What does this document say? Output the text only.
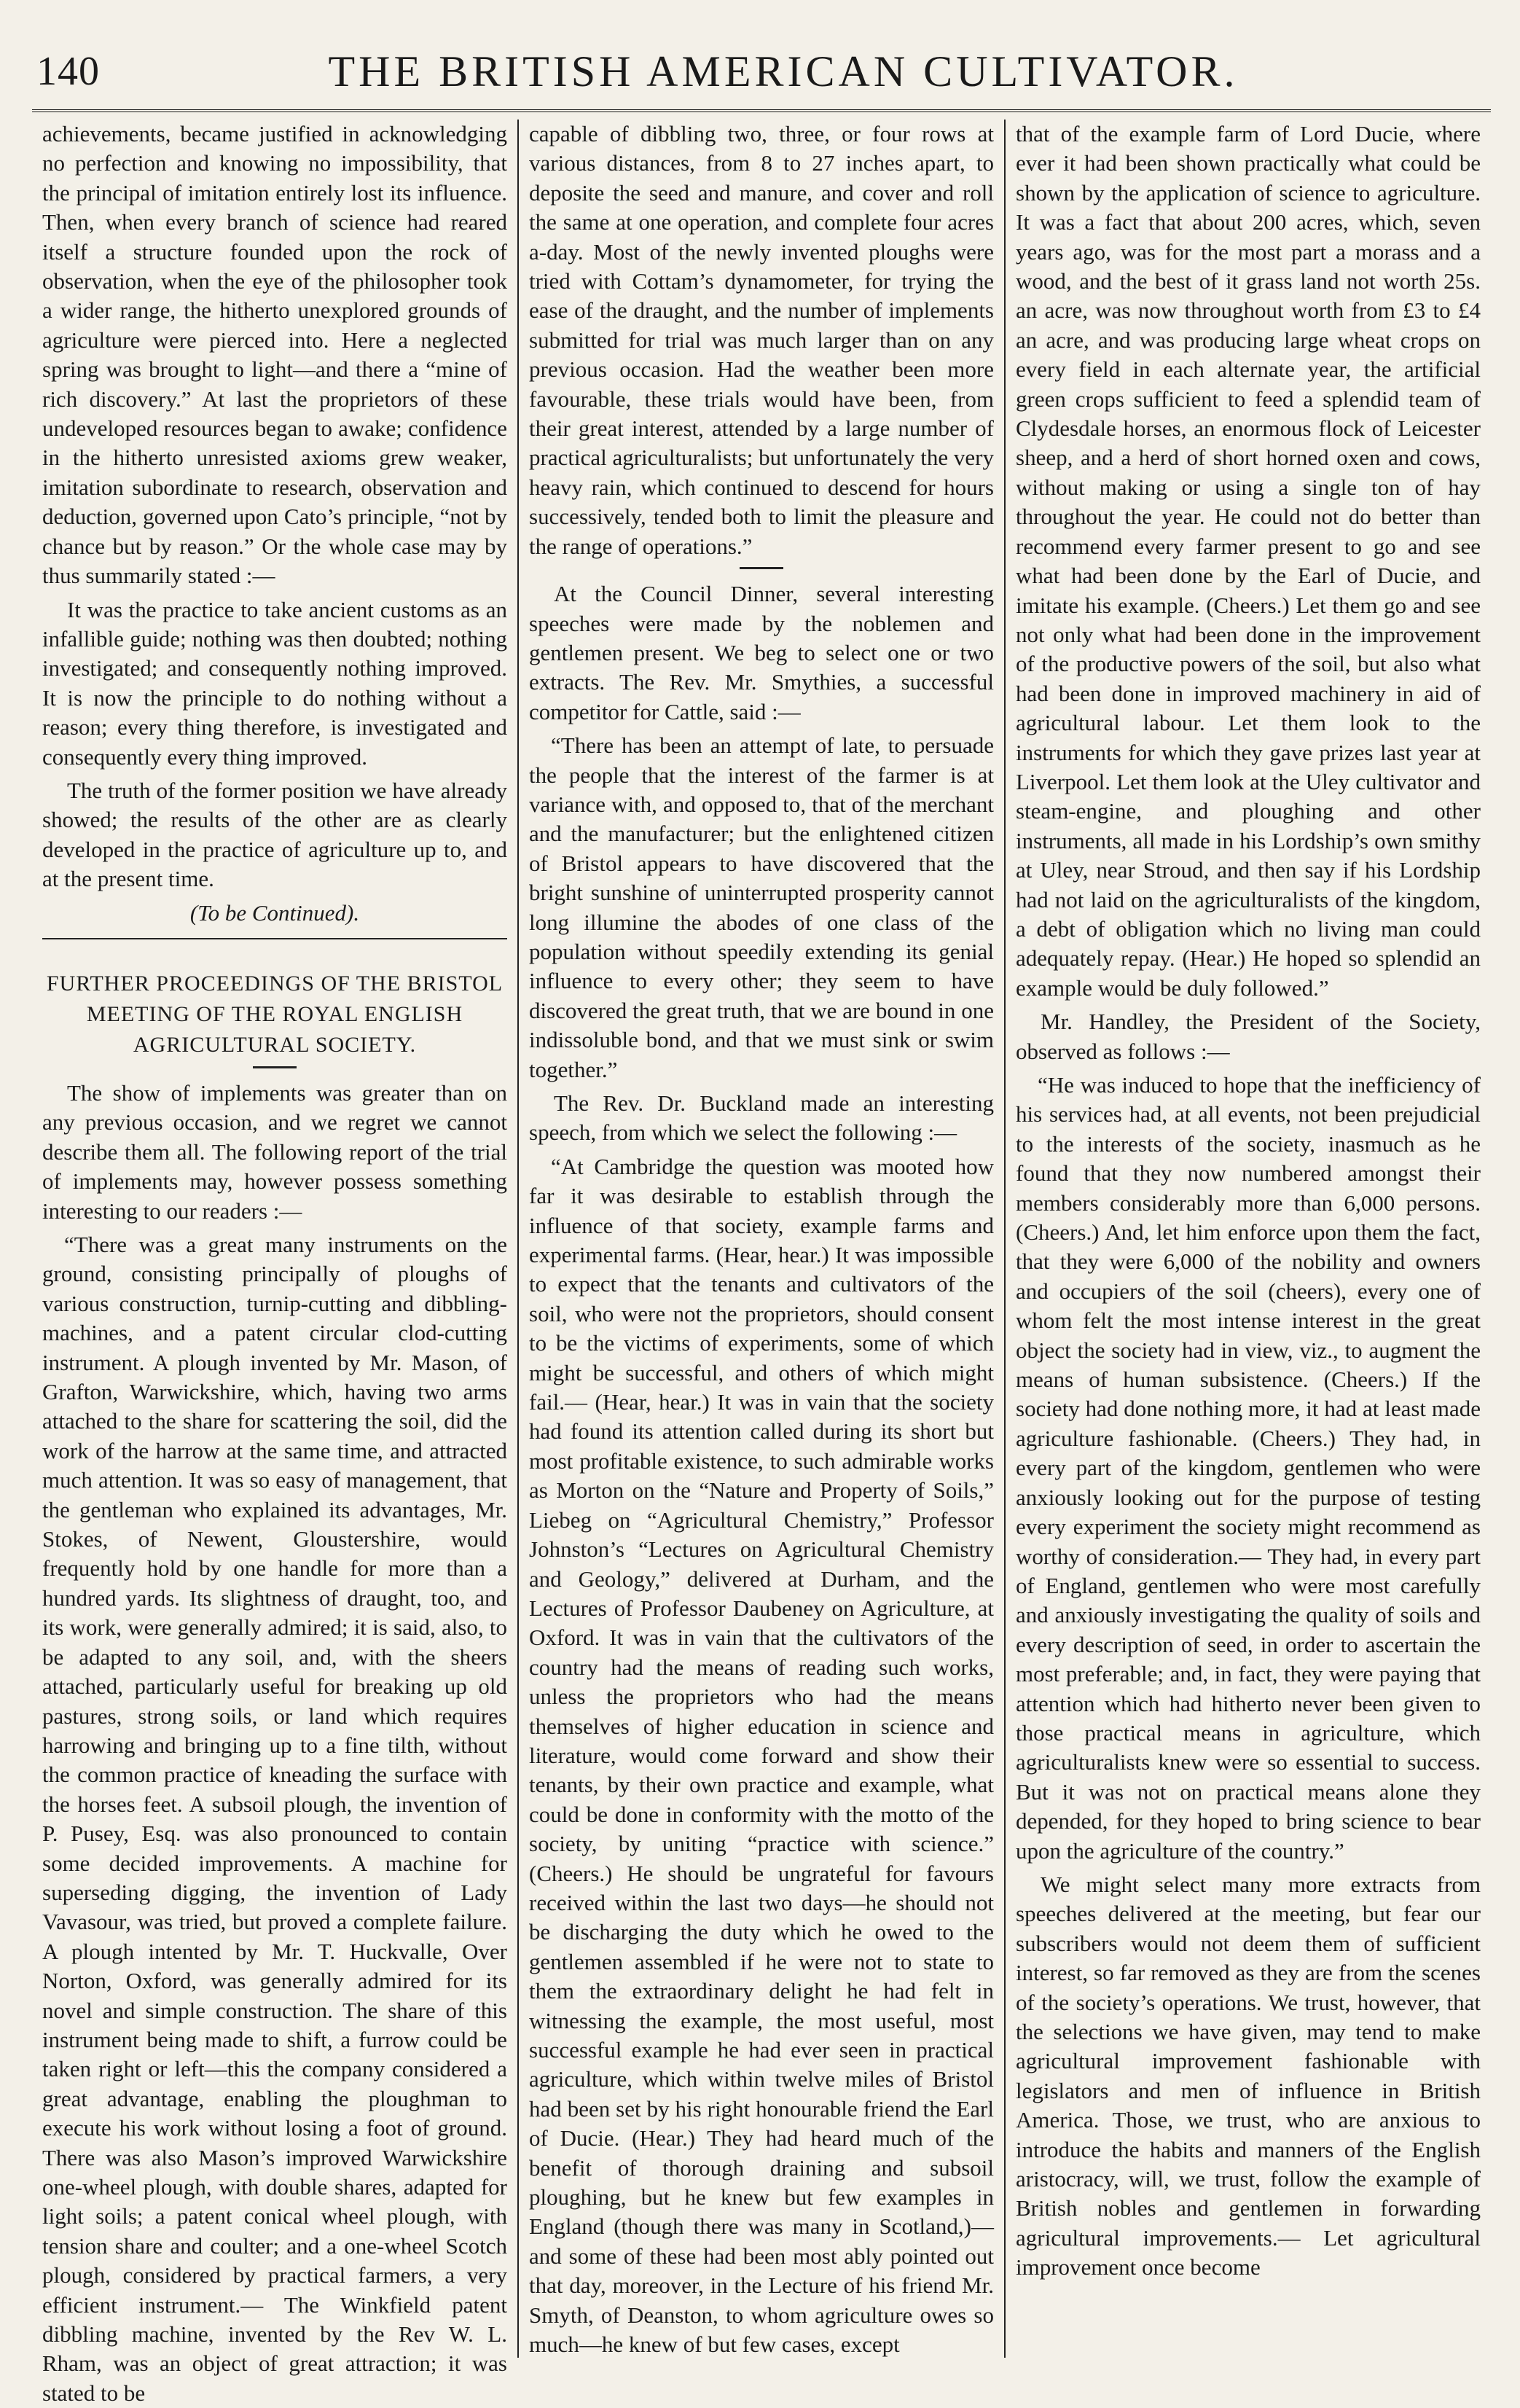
140	THE BRITISH AMERICAN CULTIVATOR.

achievements, became justified in acknowledging no perfection and knowing no impossibility, that the principal of imitation entirely lost its influence. Then, when every branch of science had reared itself a structure founded upon the rock of observation, when the eye of the philosopher took a wider range, the hitherto unexplored grounds of agriculture were pierced into. Here a neglected spring was brought to light—and there a “mine of rich discovery.” At last the proprietors of these undeveloped resources began to awake; confidence in the hitherto unresisted axioms grew weaker, imitation subordinate to research, observation and deduction, governed upon Cato’s principle, “not by chance but by reason.” Or the whole case may by thus summarily stated :—

It was the practice to take ancient customs as an infallible guide; nothing was then doubted; nothing investigated; and consequently nothing improved. It is now the principle to do nothing without a reason; every thing therefore, is investigated and consequently every thing improved.

The truth of the former position we have already showed; the results of the other are as clearly developed in the practice of agriculture up to, and at the present time.

(To be Continued).

FURTHER PROCEEDINGS OF THE BRISTOL MEETING OF THE ROYAL ENGLISH AGRICULTURAL SOCIETY.

The show of implements was greater than on any previous occasion, and we regret we cannot describe them all. The following report of the trial of implements may, however possess something interesting to our readers :—

“There was a great many instruments on the ground, consisting principally of ploughs of various construction, turnip-cutting and dibbling-machines, and a patent circular clod-cutting instrument. A plough invented by Mr. Mason, of Grafton, Warwickshire, which, having two arms attached to the share for scattering the soil, did the work of the harrow at the same time, and attracted much attention. It was so easy of management, that the gentleman who explained its advantages, Mr. Stokes, of Newent, Gloustershire, would frequently hold by one handle for more than a hundred yards. Its slightness of draught, too, and its work, were generally admired; it is said, also, to be adapted to any soil, and, with the sheers attached, particularly useful for breaking up old pastures, strong soils, or land which requires harrowing and bringing up to a fine tilth, without the common practice of kneading the surface with the horses feet. A subsoil plough, the invention of P. Pusey, Esq. was also pronounced to contain some decided improvements. A machine for superseding digging, the invention of Lady Vavasour, was tried, but proved a complete failure. A plough intented by Mr. T. Huckvalle, Over Norton, Oxford, was generally admired for its novel and simple construction. The share of this instrument being made to shift, a furrow could be taken right or left—this the company considered a great advantage, enabling the ploughman to execute his work without losing a foot of ground. There was also Mason’s improved Warwickshire one-wheel plough, with double shares, adapted for light soils; a patent conical wheel plough, with tension share and coulter; and a one-wheel Scotch plough, considered by practical farmers, a very efficient instrument.— The Winkfield patent dibbling machine, invented by the Rev W. L. Rham, was an object of great attraction; it was stated to be

capable of dibbling two, three, or four rows at various distances, from 8 to 27 inches apart, to deposite the seed and manure, and cover and roll the same at one operation, and complete four acres a-day. Most of the newly invented ploughs were tried with Cottam’s dynamometer, for trying the ease of the draught, and the number of implements submitted for trial was much larger than on any previous occasion. Had the weather been more favourable, these trials would have been, from their great interest, attended by a large number of practical agriculturalists; but unfortunately the very heavy rain, which continued to descend for hours successively, tended both to limit the pleasure and the range of operations.”

At the Council Dinner, several interesting speeches were made by the noblemen and gentlemen present. We beg to select one or two extracts. The Rev. Mr. Smythies, a successful competitor for Cattle, said :—

“There has been an attempt of late, to persuade the people that the interest of the farmer is at variance with, and opposed to, that of the merchant and the manufacturer; but the enlightened citizen of Bristol appears to have discovered that the bright sunshine of uninterrupted prosperity cannot long illumine the abodes of one class of the population without speedily extending its genial influence to every other; they seem to have discovered the great truth, that we are bound in one indissoluble bond, and that we must sink or swim together.”

The Rev. Dr. Buckland made an interesting speech, from which we select the following :—

“At Cambridge the question was mooted how far it was desirable to establish through the influence of that society, example farms and experimental farms. (Hear, hear.) It was impossible to expect that the tenants and cultivators of the soil, who were not the proprietors, should consent to be the victims of experiments, some of which might be successful, and others of which might fail.— (Hear, hear.) It was in vain that the society had found its attention called during its short but most profitable existence, to such admirable works as Morton on the “Nature and Property of Soils,” Liebeg on “Agricultural Chemistry,” Professor Johnston’s “Lectures on Agricultural Chemistry and Geology,” delivered at Durham, and the Lectures of Professor Daubeney on Agriculture, at Oxford. It was in vain that the cultivators of the country had the means of reading such works, unless the proprietors who had the means themselves of higher education in science and literature, would come forward and show their tenants, by their own practice and example, what could be done in conformity with the motto of the society, by uniting “practice with science.” (Cheers.) He should be ungrateful for favours received within the last two days—he should not be discharging the duty which he owed to the gentlemen assembled if he were not to state to them the extraordinary delight he had felt in witnessing the example, the most useful, most successful example he had ever seen in practical agriculture, which within twelve miles of Bristol had been set by his right honourable friend the Earl of Ducie. (Hear.) They had heard much of the benefit of thorough draining and subsoil ploughing, but he knew but few examples in England (though there was many in Scotland,)—and some of these had been most ably pointed out that day, moreover, in the Lecture of his friend Mr. Smyth, of Deanston, to whom agriculture owes so much—he knew of but few cases, except

that of the example farm of Lord Ducie, where ever it had been shown practically what could be shown by the application of science to agriculture. It was a fact that about 200 acres, which, seven years ago, was for the most part a morass and a wood, and the best of it grass land not worth 25s. an acre, was now throughout worth from £3 to £4 an acre, and was producing large wheat crops on every field in each alternate year, the artificial green crops sufficient to feed a splendid team of Clydesdale horses, an enormous flock of Leicester sheep, and a herd of short horned oxen and cows, without making or using a single ton of hay throughout the year. He could not do better than recommend every farmer present to go and see what had been done by the Earl of Ducie, and imitate his example. (Cheers.) Let them go and see not only what had been done in the improvement of the productive powers of the soil, but also what had been done in improved machinery in aid of agricultural labour. Let them look to the instruments for which they gave prizes last year at Liverpool. Let them look at the Uley cultivator and steam-engine, and ploughing and other instruments, all made in his Lordship’s own smithy at Uley, near Stroud, and then say if his Lordship had not laid on the agriculturalists of the kingdom, a debt of obligation which no living man could adequately repay. (Hear.) He hoped so splendid an example would be duly followed.”

Mr. Handley, the President of the Society, observed as follows :—

“He was induced to hope that the inefficiency of his services had, at all events, not been prejudicial to the interests of the society, inasmuch as he found that they now numbered amongst their members considerably more than 6,000 persons. (Cheers.) And, let him enforce upon them the fact, that they were 6,000 of the nobility and owners and occupiers of the soil (cheers), every one of whom felt the most intense interest in the great object the society had in view, viz., to augment the means of human subsistence. (Cheers.) If the society had done nothing more, it had at least made agriculture fashionable. (Cheers.) They had, in every part of the kingdom, gentlemen who were anxiously looking out for the purpose of testing every experiment the society might recommend as worthy of consideration.— They had, in every part of England, gentlemen who were most carefully and anxiously investigating the quality of soils and every description of seed, in order to ascertain the most preferable; and, in fact, they were paying that attention which had hitherto never been given to those practical means in agriculture, which agriculturalists knew were so essential to success. But it was not on practical means alone they depended, for they hoped to bring science to bear upon the agriculture of the country.”

We might select many more extracts from speeches delivered at the meeting, but fear our subscribers would not deem them of sufficient interest, so far removed as they are from the scenes of the society’s operations. We trust, however, that the selections we have given, may tend to make agricultural improvement fashionable with legislators and men of influence in British America. Those, we trust, who are anxious to introduce the habits and manners of the English aristocracy, will, we trust, follow the example of British nobles and gentlemen in forwarding agricultural improvements.— Let agricultural improvement once become
